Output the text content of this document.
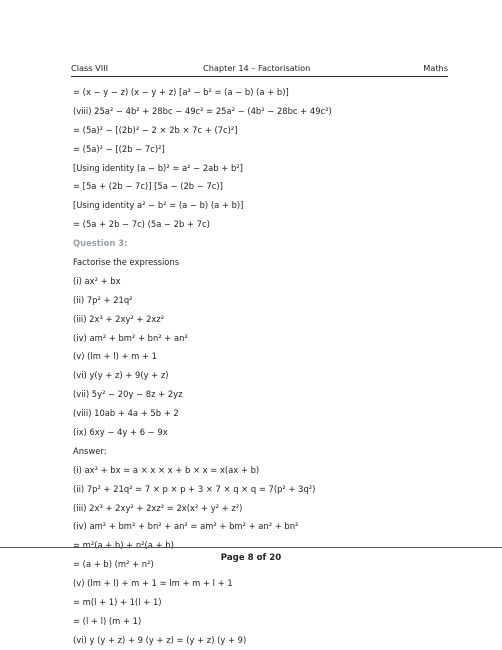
Class VIII	Chapter 14 – Factorisation	Maths
= (x − y − z) (x − y + z) [a² − b² = (a − b) (a + b)]
(viii) 25a² − 4b² + 28bc − 49c² = 25a² − (4b² − 28bc + 49c²)
= (5a)² − [(2b)² − 2 × 2b × 7c + (7c)²]
= (5a)² − [(2b − 7c)²]
[Using identity (a − b)² = a² − 2ab + b²]
= [5a + (2b − 7c)] [5a − (2b − 7c)]
[Using identity a² − b² = (a − b) (a + b)]
= (5a + 2b − 7c) (5a − 2b + 7c)
Question 3:
Factorise the expressions
(i) ax² + bx
(ii) 7p² + 21q²
(iii) 2x³ + 2xy² + 2xz²
(iv) am² + bm² + bn² + an²
(v) (lm + l) + m + 1
(vi) y(y + z) + 9(y + z)
(vii) 5y² − 20y − 8z + 2yz
(viii) 10ab + 4a + 5b + 2
(ix) 6xy − 4y + 6 − 9x
Answer:
(i) ax² + bx = a × x × x + b × x = x(ax + b)
(ii) 7p² + 21q² = 7 × p × p + 3 × 7 × q × q = 7(p² + 3q²)
(iii) 2x³ + 2xy² + 2xz² = 2x(x² + y² + z²)
(iv) am² + bm² + bn² + an² = am² + bm² + an² + bn²
= m²(a + b) + n²(a + b)
= (a + b) (m² + n²)
(v) (lm + l) + m + 1 = lm + m + l + 1
= m(l + 1) + 1(l + 1)
= (l + l) (m + 1)
(vi) y (y + z) + 9 (y + z) = (y + z) (y + 9)
Page 8 of 20
